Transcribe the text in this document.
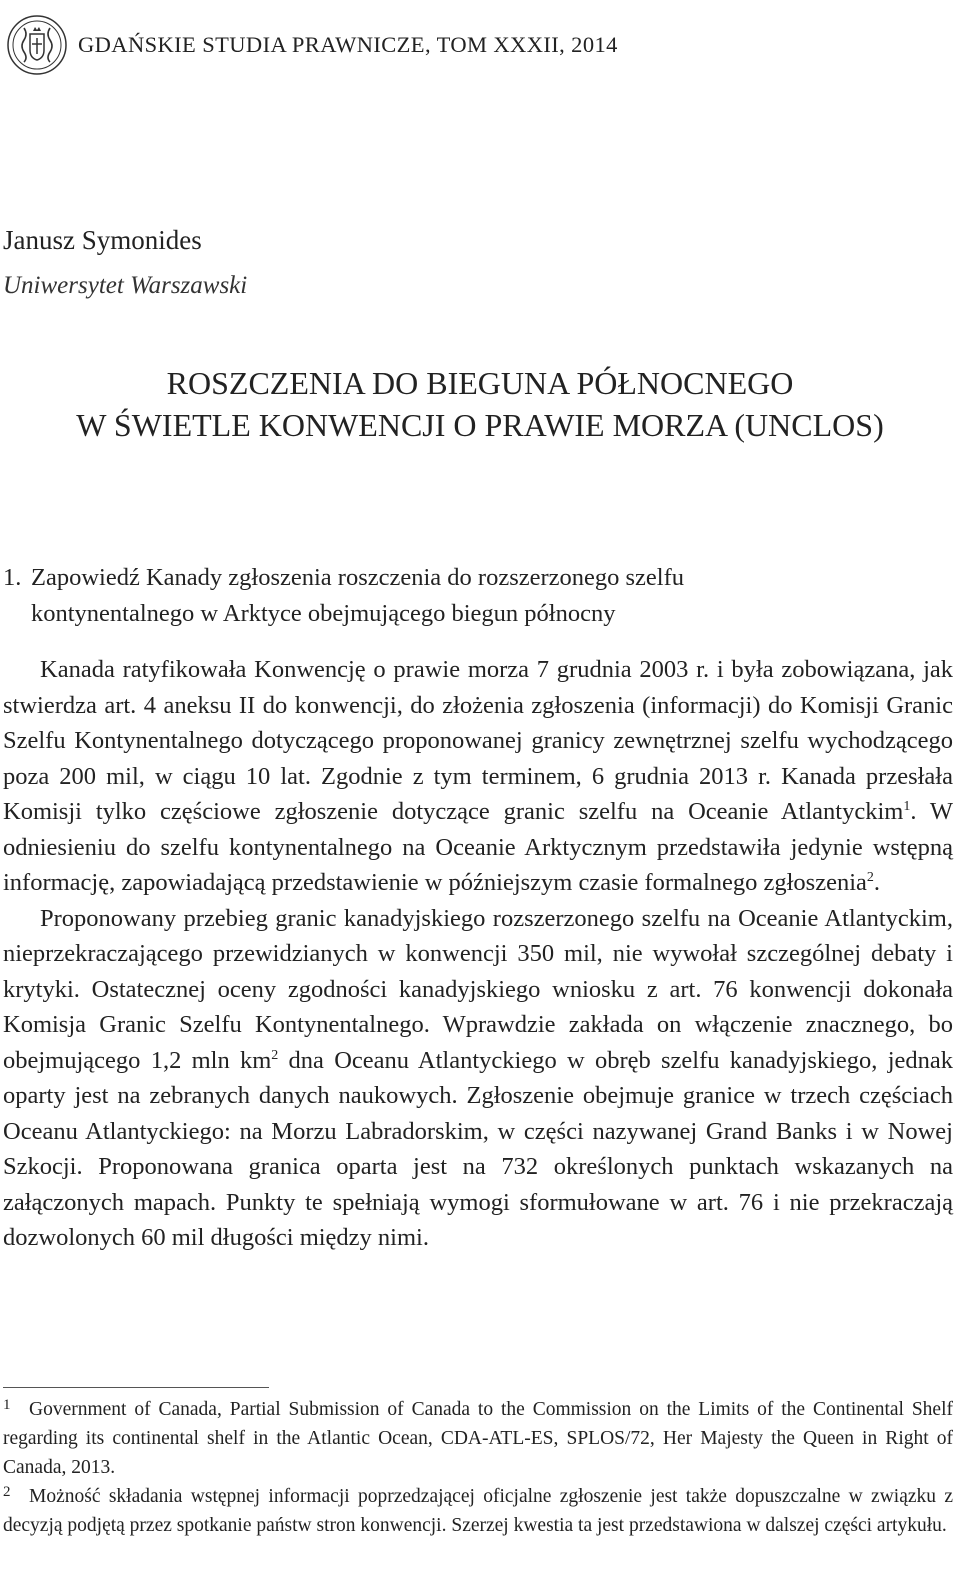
GDAŃSKIE STUDIA PRAWNICZE, TOM XXXII, 2014
Janusz Symonides
Uniwersytet Warszawski
ROSZCZENIA DO BIEGUNA PÓŁNOCNEGO
W ŚWIETLE KONWENCJI O PRAWIE MORZA (UNCLOS)
1. Zapowiedź Kanady zgłoszenia roszczenia do rozszerzonego szelfu
kontynentalnego w Arktyce obejmującego biegun północny

Kanada ratyfikowała Konwencję o prawie morza 7 grudnia 2003 r. i była zobowiązana, jak stwierdza art. 4 aneksu II do konwencji, do złożenia zgłoszenia (informacji) do Komisji Granic Szelfu Kontynentalnego dotyczącego proponowanej granicy zewnętrznej szelfu wychodzącego poza 200 mil, w ciągu 10 lat. Zgodnie z tym terminem, 6 grudnia 2013 r. Kanada przesłała Komisji tylko częściowe zgłoszenie dotyczące granic szelfu na Oceanie Atlantyckim$^1$. W odniesieniu do szelfu kontynentalnego na Oceanie Arktycznym przedstawiła jedynie wstępną informację, zapowiadającą przedstawienie w późniejszym czasie formalnego zgłoszenia$^2$.

Proponowany przebieg granic kanadyjskiego rozszerzonego szelfu na Oceanie Atlantyckim, nieprzekraczającego przewidzianych w konwencji 350 mil, nie wywołał szczególnej debaty i krytyki. Ostatecznej oceny zgodności kanadyjskiego wniosku z art. 76 konwencji dokonała Komisja Granic Szelfu Kontynentalnego. Wprawdzie zakłada on włączenie znacznego, bo obejmującego 1,2 mln $km^2$ dna Oceanu Atlantyckiego w obręb szelfu kanadyjskiego, jednak oparty jest na zebranych danych naukowych. Zgłoszenie obejmuje granice w trzech częściach Oceanu Atlantyckiego: na Morzu Labradorskim, w części nazywanej Grand Banks i w Nowej Szkocji. Proponowana granica oparta jest na 732 określonych punktach wskazanych na załączonych mapach. Punkty te spełniają wymogi sformułowane w art. 76 i nie przekraczają dozwolonych 60 mil długości między nimi.

1 Government of Canada, Partial Submission of Canada to the Commission on the Limits of the Continental Shelf regarding its continental shelf in the Atlantic Ocean, CDA-ATL-ES, SPLOS/72, Her Majesty the Queen in Right of Canada, 2013.

2 Możność składania wstępnej informacji poprzedzającej oficjalne zgłoszenie jest także dopuszczalne w związku z decyzją podjętą przez spotkanie państw stron konwencji. Szerzej kwestia ta jest przedstawiona w dalszej części artykułu.
